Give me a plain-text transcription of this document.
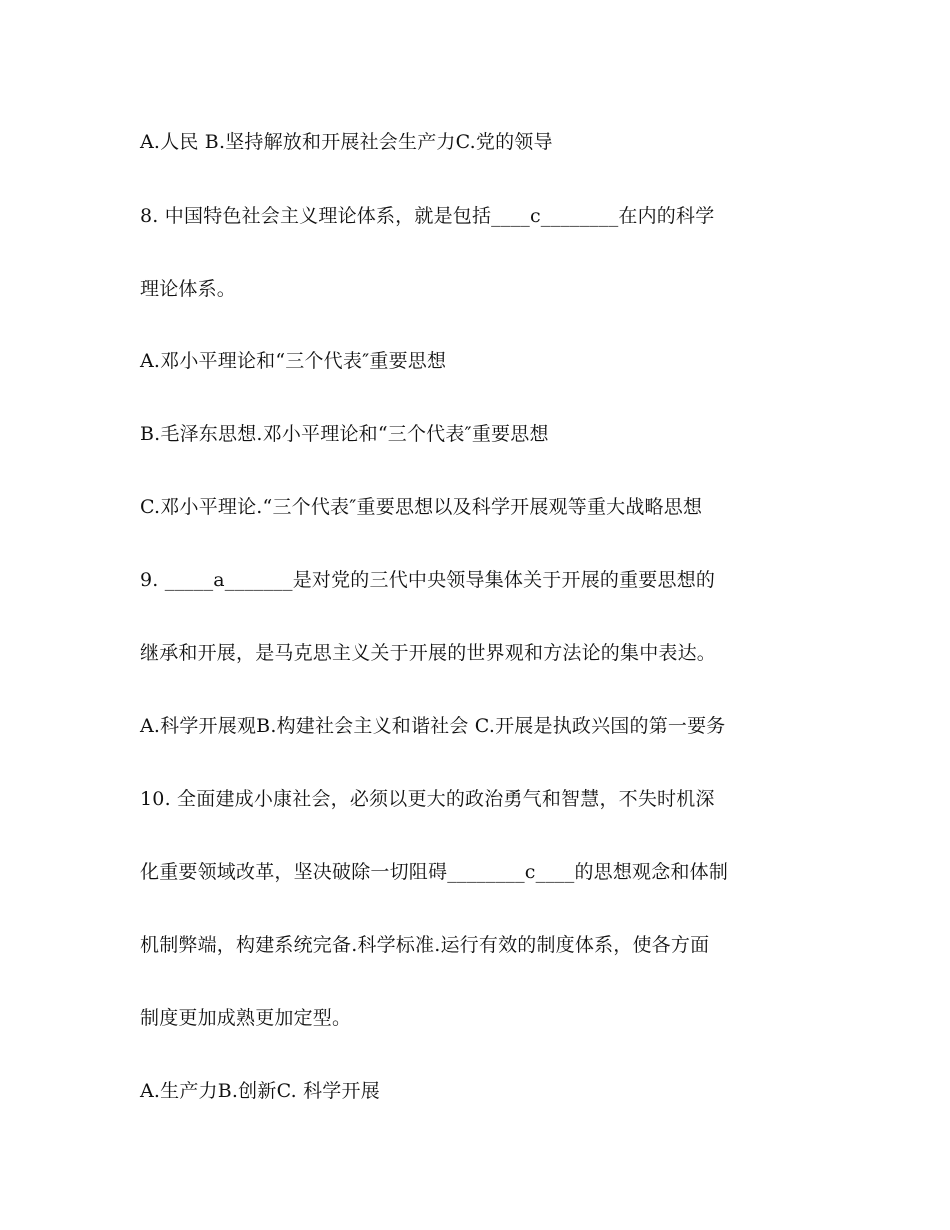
A.人民 B.坚持解放和开展社会生产力C.党的领导

8. 中国特色社会主义理论体系，就是包括____c________在内的科学

理论体系。

A.邓小平理论和“三个代表″重要思想

B.毛泽东思想.邓小平理论和“三个代表″重要思想

C.邓小平理论.“三个代表″重要思想以及科学开展观等重大战略思想

9. _____a_______是对党的三代中央领导集体关于开展的重要思想的

继承和开展，是马克思主义关于开展的世界观和方法论的集中表达。

A.科学开展观B.构建社会主义和谐社会 C.开展是执政兴国的第一要务

10. 全面建成小康社会，必须以更大的政治勇气和智慧，不失时机深

化重要领域改革，坚决破除一切阻碍________c____的思想观念和体制

机制弊端，构建系统完备.科学标准.运行有效的制度体系，使各方面

制度更加成熟更加定型。

A.生产力B.创新C. 科学开展
